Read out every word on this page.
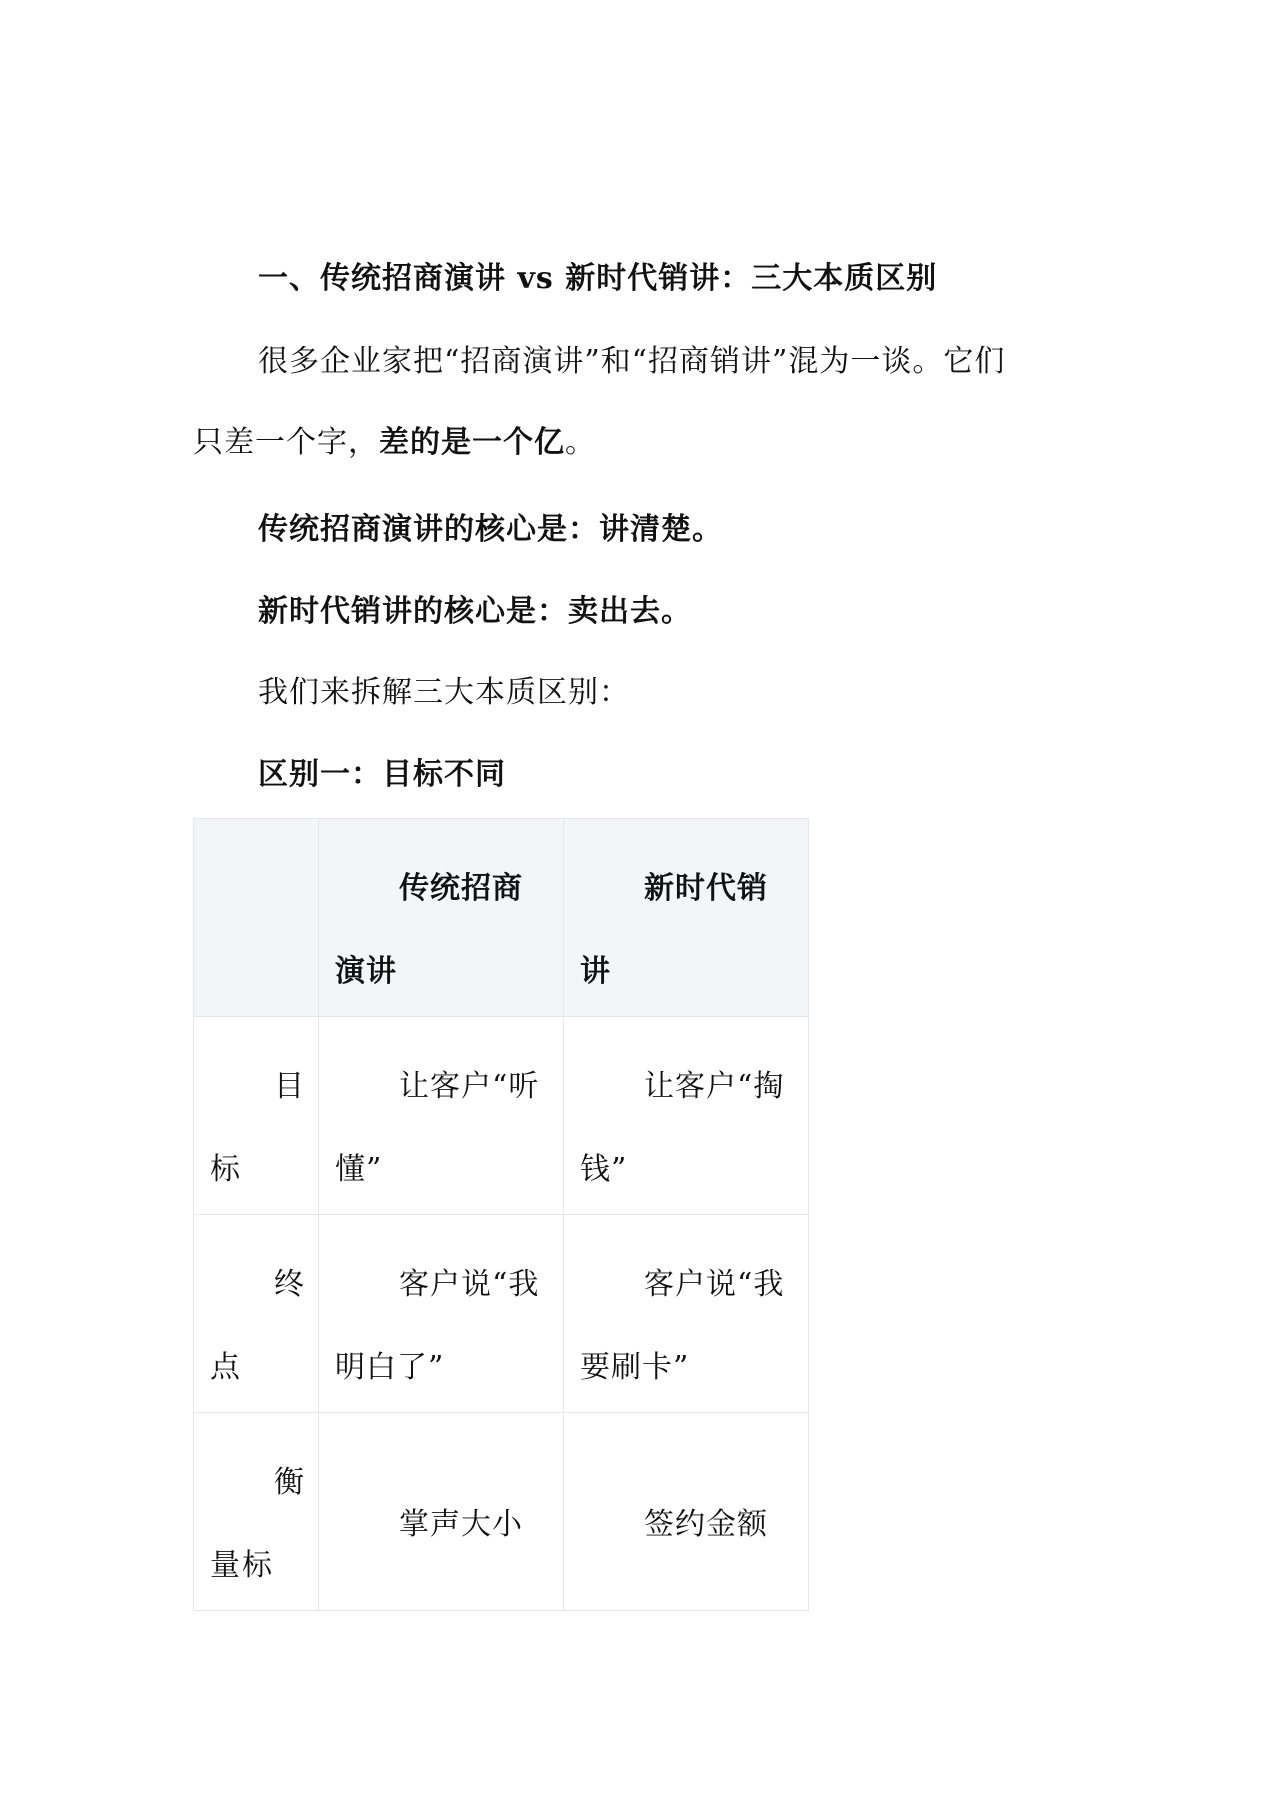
一、传统招商演讲 vs 新时代销讲：三大本质区别
很多企业家把“招商演讲”和“招商销讲”混为一谈。它们
只差一个字，差的是一个亿。
传统招商演讲的核心是：讲清楚。
新时代销讲的核心是：卖出去。
我们来拆解三大本质区别：
区别一：目标不同

	传统招商演讲	新时代销讲

目标	让客户“听懂”	让客户“掏钱”

终点	客户说“我明白了”	客户说“我要刷卡”

衡量标	掌声大小	签约金额
